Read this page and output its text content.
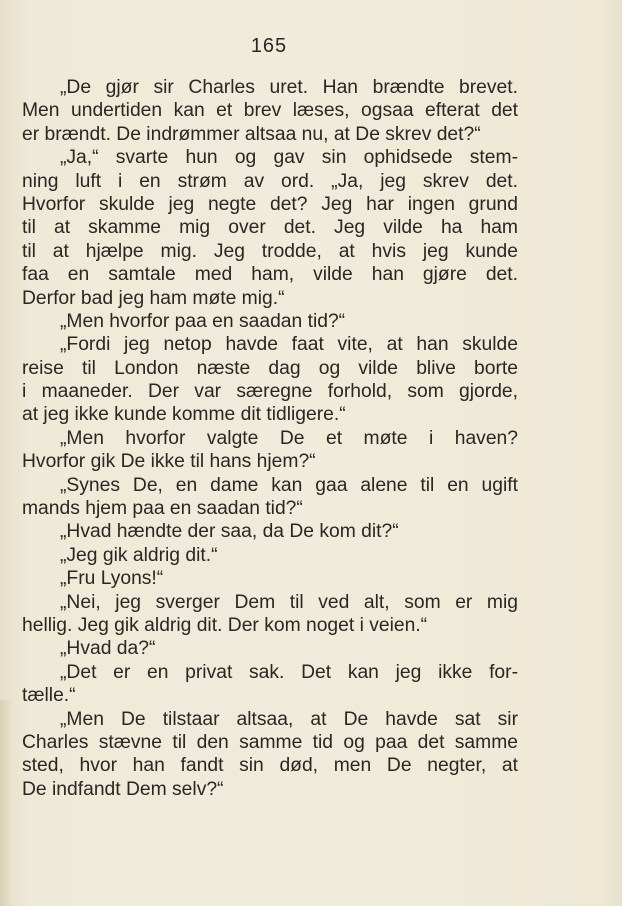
165
„De gjør sir Charles uret. Han brændte brevet.
Men undertiden kan et brev læses, ogsaa efterat det
er brændt. De indrømmer altsaa nu, at De skrev det?“
„Ja,“ svarte hun og gav sin ophidsede stem-
ning luft i en strøm av ord. „Ja, jeg skrev det.
Hvorfor skulde jeg negte det? Jeg har ingen grund
til at skamme mig over det. Jeg vilde ha ham
til at hjælpe mig. Jeg trodde, at hvis jeg kunde
faa en samtale med ham, vilde han gjøre det.
Derfor bad jeg ham møte mig.“
„Men hvorfor paa en saadan tid?“
„Fordi jeg netop havde faat vite, at han skulde
reise til London næste dag og vilde blive borte
i maaneder. Der var særegne forhold, som gjorde,
at jeg ikke kunde komme dit tidligere.“
„Men hvorfor valgte De et møte i haven?
Hvorfor gik De ikke til hans hjem?“
„Synes De, en dame kan gaa alene til en ugift
mands hjem paa en saadan tid?“
„Hvad hændte der saa, da De kom dit?“
„Jeg gik aldrig dit.“
„Fru Lyons!“
„Nei, jeg sverger Dem til ved alt, som er mig
hellig. Jeg gik aldrig dit. Der kom noget i veien.“
„Hvad da?“
„Det er en privat sak. Det kan jeg ikke for-
tælle.“
„Men De tilstaar altsaa, at De havde sat sir
Charles stævne til den samme tid og paa det samme
sted, hvor han fandt sin død, men De negter, at
De indfandt Dem selv?“
